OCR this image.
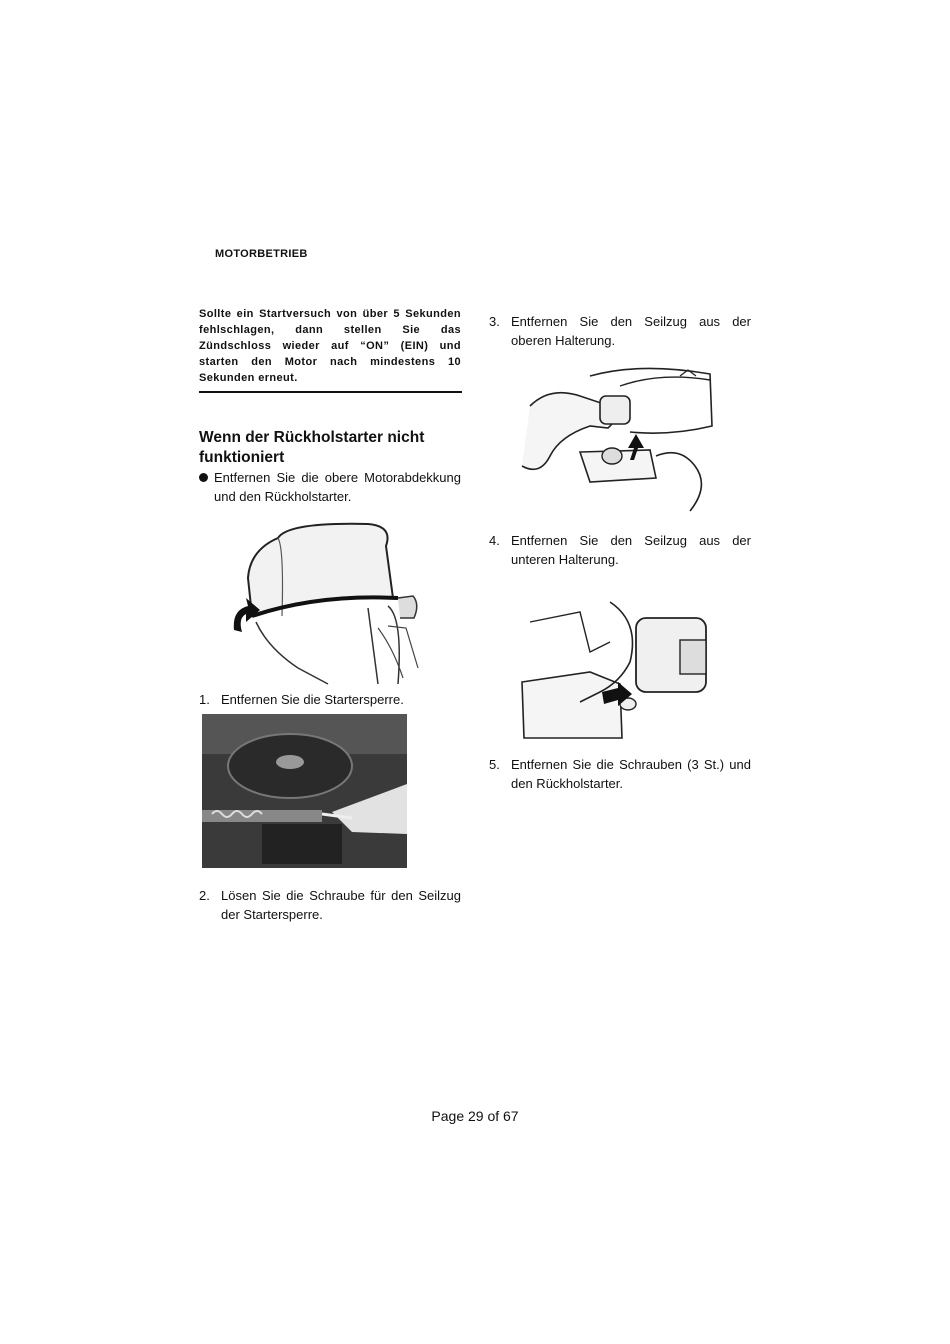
MOTORBETRIEB
Sollte ein Startversuch von über 5 Sekunden fehlschlagen, dann stellen Sie das Zündschloss wieder auf “ON” (EIN) und starten den Motor nach mindestens 10 Sekunden erneut.
Wenn der Rückholstarter nicht funktioniert
Entfernen Sie die obere Motorabdekkung und den Rückholstarter.
1. Entfernen Sie die Startersperre.
2. Lösen Sie die Schraube für den Seilzug der Startersperre.
3. Entfernen Sie den Seilzug aus der oberen Halterung.
4. Entfernen Sie den Seilzug aus der unteren Halterung.
5. Entfernen Sie die Schrauben (3 St.) und den Rückholstarter.
Page 29 of 67
